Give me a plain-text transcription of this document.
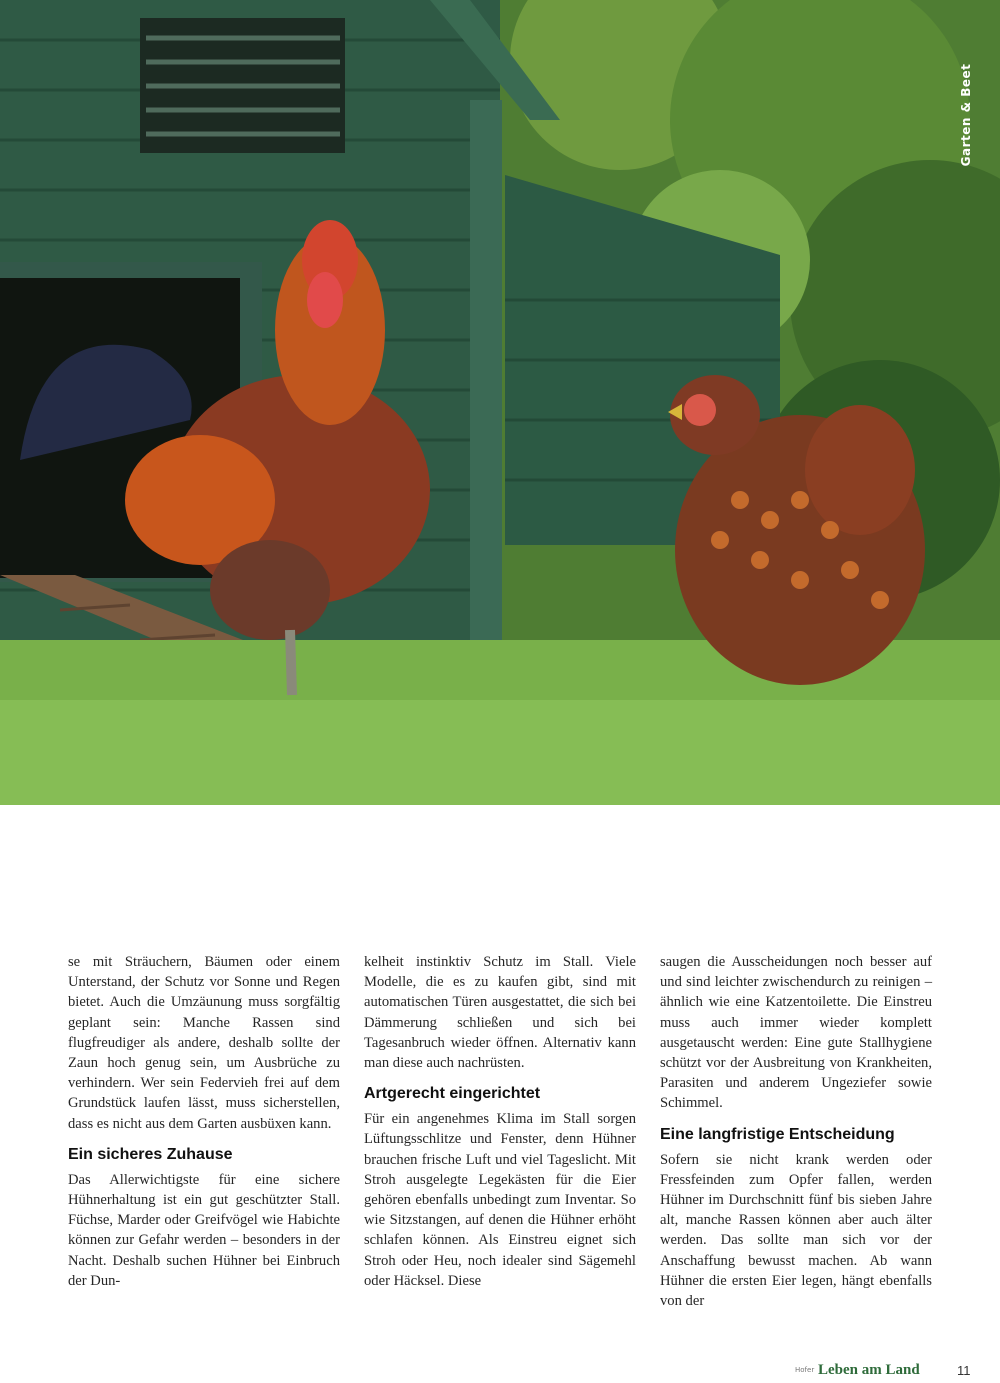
Garten & Beet

se mit Sträuchern, Bäumen oder einem Unterstand, der Schutz vor Sonne und Regen bietet. Auch die Umzäunung muss sorgfältig geplant sein: Manche Rassen sind flugfreudiger als andere, deshalb sollte der Zaun hoch genug sein, um Ausbrüche zu verhindern. Wer sein Federvieh frei auf dem Grundstück laufen lässt, muss sicherstellen, dass es nicht aus dem Garten ausbüxen kann.

Ein sicheres Zuhause

Das Allerwichtigste für eine sichere Hühnerhaltung ist ein gut geschützter Stall. Füchse, Marder oder Greifvögel wie Habichte können zur Gefahr werden – besonders in der Nacht. Deshalb suchen Hühner bei Einbruch der Dun-

kelheit instinktiv Schutz im Stall. Viele Modelle, die es zu kaufen gibt, sind mit automatischen Türen ausgestattet, die sich bei Dämmerung schließen und sich bei Tagesanbruch wieder öffnen. Alternativ kann man diese auch nachrüsten.

Artgerecht eingerichtet

Für ein angenehmes Klima im Stall sorgen Lüftungsschlitze und Fenster, denn Hühner brauchen frische Luft und viel Tageslicht. Mit Stroh ausgelegte Legekästen für die Eier gehören ebenfalls unbedingt zum Inventar. So wie Sitzstangen, auf denen die Hühner erhöht schlafen können. Als Einstreu eignet sich Stroh oder Heu, noch idealer sind Sägemehl oder Häcksel. Diese

saugen die Ausscheidungen noch besser auf und sind leichter zwischendurch zu reinigen – ähnlich wie eine Katzentoilette. Die Einstreu muss auch immer wieder komplett ausgetauscht werden: Eine gute Stallhygiene schützt vor der Ausbreitung von Krankheiten, Parasiten und anderem Ungeziefer sowie Schimmel.

Eine langfristige Entscheidung

Sofern sie nicht krank werden oder Fressfeinden zum Opfer fallen, werden Hühner im Durchschnitt fünf bis sieben Jahre alt, manche Rassen können aber auch älter werden. Das sollte man sich vor der Anschaffung bewusst machen. Ab wann Hühner die ersten Eier legen, hängt ebenfalls von der

Hofer Leben am Land	11
